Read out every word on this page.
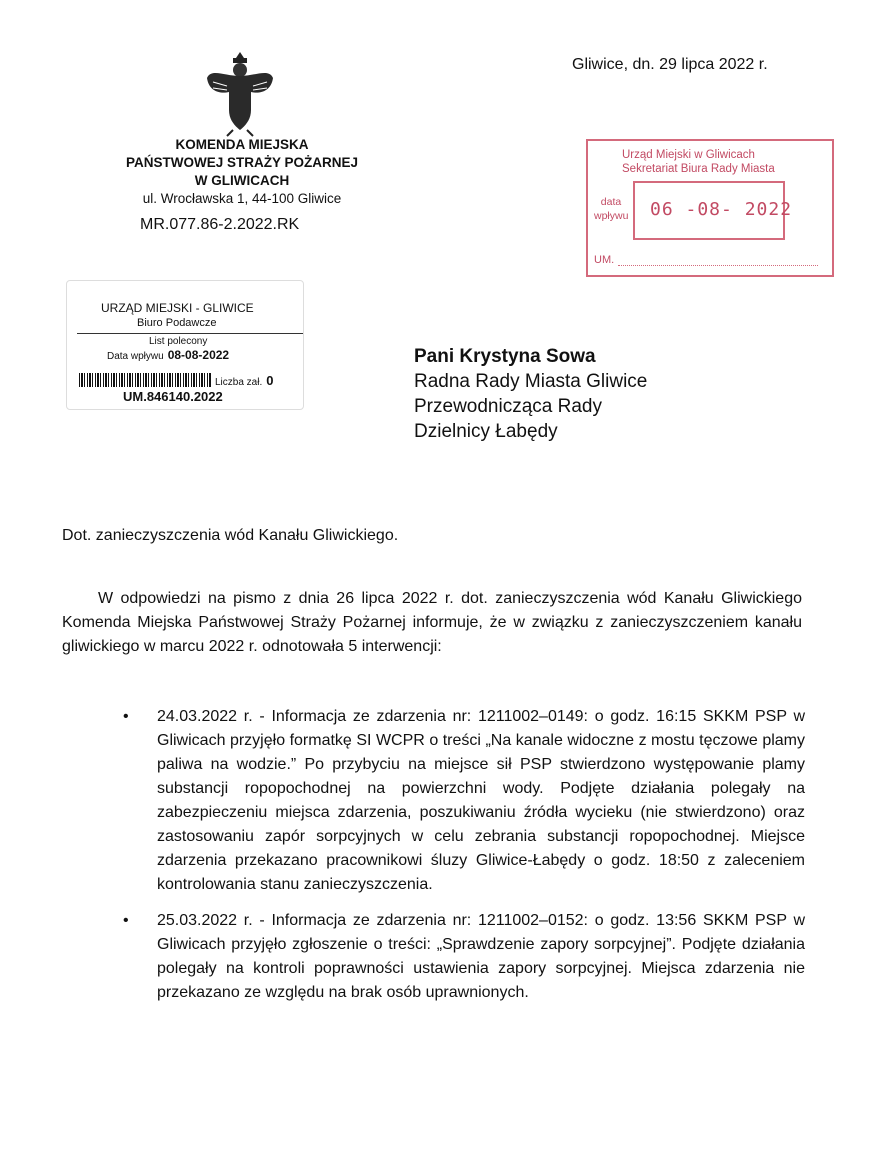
KOMENDA MIEJSKA
PAŃSTWOWEJ STRAŻY POŻARNEJ
W GLIWICACH
ul. Wrocławska 1, 44-100 Gliwice
MR.077.86-2.2022.RK
Gliwice, dn. 29 lipca 2022 r.
Urząd Miejski w Gliwicach
Sekretariat Biura Rady Miasta
data wpływu 06 -08- 2022
UM.
URZĄD MIEJSKI - GLIWICE
Biuro Podawcze
List polecony
Data wpływu 08-08-2022
Liczba zał. 0
UM.846140.2022
Pani Krystyna Sowa
Radna Rady Miasta Gliwice
Przewodnicząca Rady
Dzielnicy Łabędy
Dot. zanieczyszczenia wód Kanału Gliwickiego.
W odpowiedzi na pismo z dnia 26 lipca 2022 r. dot. zanieczyszczenia wód Kanału Gliwickiego Komenda Miejska Państwowej Straży Pożarnej informuje, że w związku z zanieczyszczeniem kanału gliwickiego w marcu 2022 r. odnotowała 5 interwencji:
• 24.03.2022 r. - Informacja ze zdarzenia nr: 1211002–0149: o godz. 16:15 SKKM PSP w Gliwicach przyjęło formatkę SI WCPR o treści „Na kanale widoczne z mostu tęczowe plamy paliwa na wodzie.” Po przybyciu na miejsce sił PSP stwierdzono występowanie plamy substancji ropopochodnej na powierzchni wody. Podjęte działania polegały na zabezpieczeniu miejsca zdarzenia, poszukiwaniu źródła wycieku (nie stwierdzono) oraz zastosowaniu zapór sorpcyjnych w celu zebrania substancji ropopochodnej. Miejsce zdarzenia przekazano pracownikowi śluzy Gliwice-Łabędy o godz. 18:50 z zaleceniem kontrolowania stanu zanieczyszczenia.
• 25.03.2022 r. - Informacja ze zdarzenia nr: 1211002–0152: o godz. 13:56 SKKM PSP w Gliwicach przyjęło zgłoszenie o treści: „Sprawdzenie zapory sorpcyjnej”. Podjęte działania polegały na kontroli poprawności ustawienia zapory sorpcyjnej. Miejsca zdarzenia nie przekazano ze względu na brak osób uprawnionych.
